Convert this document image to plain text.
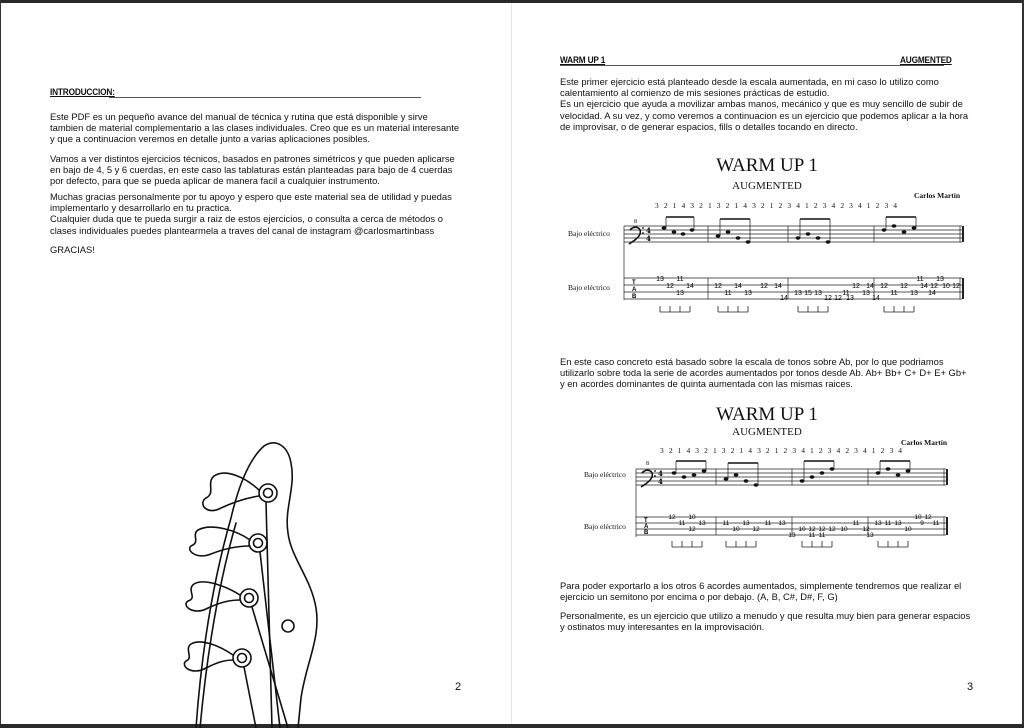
INTRODUCCION:

Este PDF es un pequeño avance del manual de técnica y rutina que está disponible y sirve
tambien de material complementario a las clases individuales. Creo que es un material interesante
y que a continuacion veremos en detalle junto a varias aplicaciones posibles.

Vamos a ver distintos ejercicios técnicos, basados en patrones simétricos y que pueden aplicarse
en bajo de 4, 5 y 6 cuerdas, en este caso las tablaturas están planteadas para bajo de 4 cuerdas
por defecto, para que se pueda aplicar de manera facil a cualquier instrumento.

Muchas gracias personalmente por tu apoyo y espero que este material sea de utilidad y puedas
implementarlo y desarrollarlo en tu practica.
Cualquier duda que te pueda surgir a raiz de estos ejercicios, o consulta a cerca de métodos o
clases individuales puedes plantearmela a traves del canal de instagram @carlosmartinbass

GRACIAS!

2
WARM UP 1	AUGMENTED

Este primer ejercicio está planteado desde la escala aumentada, en mi caso lo utilizo como
calentamiento al comienzo de mis sesiones prácticas de estudio.
Es un ejercicio que ayuda a movilizar ambas manos, mecánico y que es muy sencillo de subir de
velocidad. A su vez, y como veremos a continuacion es un ejercicio que podemos aplicar a la hora
de improvisar, o de generar espacios, fills o detalles tocando en directo.

WARM UP 1
AUGMENTED
Carlos Martín
3 2 1 4 3 2 1 3 2 1 4 3 2 1 2 3 4 1 2 3 4 2 3 4 1 2 3 4
Bajo eléctrico
Bajo eléctrico
4
4
8
T
A
B
13 11	11 13
12 14	12 14	12 14	12 14 12 12 14 12 10 12
13	11 13	13 15 13	11 13
11 13	14
14	12 12 13	14

En este caso concreto está basado sobre la escala de tonos sobre Ab, por lo que podriamos
utilizarlo sobre toda la serie de acordes aumentados por tonos desde Ab. Ab+ Bb+ C+ D+ E+ Gb+
y en acordes dominantes de quinta aumentada con las mismas raices.

WARM UP 1
AUGMENTED
Carlos Martín
3 2 1 4 3 2 1 3 2 1 4 3 2 1 2 3 4 1 2 3 4 2 3 4 1 2 3 4
Bajo eléctrico
Bajo eléctrico
4
4
8
T
A
B
12 10	10 12
11 13	11 13 11 13	11 13 11 13	9 11
12	10 12	10 12 12 10 12	10
12
13 11 11	13

Para poder exportarlo a los otros 6 acordes aumentados, simplemente tendremos que realizar el
ejercicio un semitono por encima o por debajo. (A, B, C#, D#, F, G)

Personalmente, es un ejercicio que utilizo a menudo y que resulta muy bien para generar espacios
y ostinatos muy interesantes en la improvisación.

3
